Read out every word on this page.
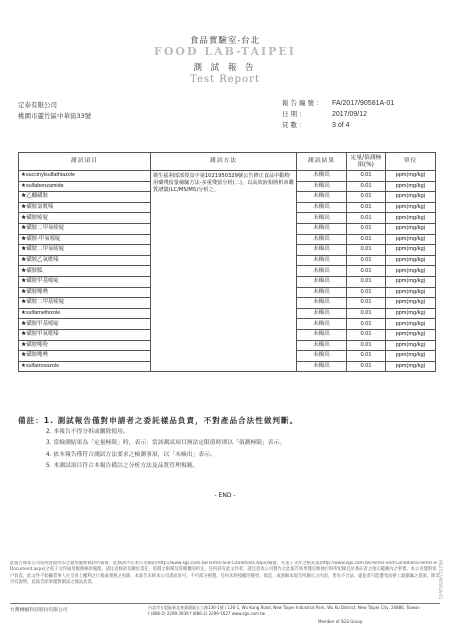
食品實驗室-台北
FOOD LAB-TAIPEI
測 試 報 告
Test Report
定泰有限公司
桃園市蘆竹區中華街33號
報告編號：	FA/2017/90581A-01
日期：	2017/09/12
頁數：	3 of 4
測試項目	測試方法	測試結果	定量/偵測極限(%)	單位
★succinylsulfathiazole	衛生福利部部授食字第1021950329號公告修正食品中動物用藥殘留量檢驗方法-多重殘留分析(二)，以高效液相層析串聯質譜儀(LC/MS/MS)分析之。	未檢出	0.01	ppm(mg/kg)
★sulfabenzamide		未檢出	0.01	ppm(mg/kg)
★乙醯磺胺		未檢出	0.01	ppm(mg/kg)
★磺胺氯吡嗪		未檢出	0.01	ppm(mg/kg)
★磺胺嘧啶		未檢出	0.01	ppm(mg/kg)
★磺胺二甲氧嘧啶		未檢出	0.01	ppm(mg/kg)
★磺胺-甲氧嘧啶		未檢出	0.01	ppm(mg/kg)
★磺胺二甲氧嘧啶		未檢出	0.01	ppm(mg/kg)
★磺胺乙氧吡嗪		未檢出	0.01	ppm(mg/kg)
★磺胺胍		未檢出	0.01	ppm(mg/kg)
★磺胺甲基嘧啶		未檢出	0.01	ppm(mg/kg)
★磺胺噻唑		未檢出	0.01	ppm(mg/kg)
★磺胺二甲基嘧啶		未檢出	0.01	ppm(mg/kg)
★sulfamethizole		未檢出	0.01	ppm(mg/kg)
★磺胺甲基嘧啶		未檢出	0.01	ppm(mg/kg)
★磺胺甲氧吡嗪		未檢出	0.01	ppm(mg/kg)
★磺胺噻吩		未檢出	0.01	ppm(mg/kg)
★磺胺噻唑		未檢出	0.01	ppm(mg/kg)
★sulfatroxazole		未檢出	0.01	ppm(mg/kg)
備註：1. 測試報告僅對申請者之委託樣品負責，不對產品合法性做判斷。
2. 本報告不得分拆或刪除使用。
3. 當檢測結果為「定量極限」時，表示：當該測試項目無法定限值時則以「偵測極限」表示。
4. 依本報告僅符合測試方法要求之檢測事項，以「未檢出」表示。
5. 本測試項目符合本報告備註之分析方法及品質管理規範。
- END -
此報告係本公司依照背面所印之通用服務條款所簽發，此條款可在本公司網站(http://www.sgs.com.tw/Terms-and-Conditions.aspx)閱覽。凡電子文件之格式依(http://www.sgs.com.tw/Terms-and-Conditions/Terms-e-Document.aspx)之電子文件通用服務條款處理。請注意條款有關於責任、賠償之限制及管轄權的約定。任何持有此文件者，請注意本公司製作之此報告結果僅反映執行時所紀錄且於委託者之指示範圍內之事實。本公司僅對客戶負責，此文件不妨礙當事人在交易上權利之行使或義務之免除。本報告未經本公司書面許可，不可部分複製。任何未經授權的變更、偽造、或曲解本報告所顯示之內容，皆為不合法，違犯者可能遭受法律上最嚴厲之追訴。除非另有說明，此報告結果僅對測試之樣品負責。
台灣檢驗科技股份有限公司
台北市五股區新北產業園區五工路136-1號 / 136-1, Wu Kung Road, New Taipei Industrial Park, Wu Ku District, New Taipei City, 24886, Taiwan
t (886-2) 2299-3939 f (886-2) 2299-1627 www.sgs.com.tw
Member of SGS Group
FA/2017/90581A-01
